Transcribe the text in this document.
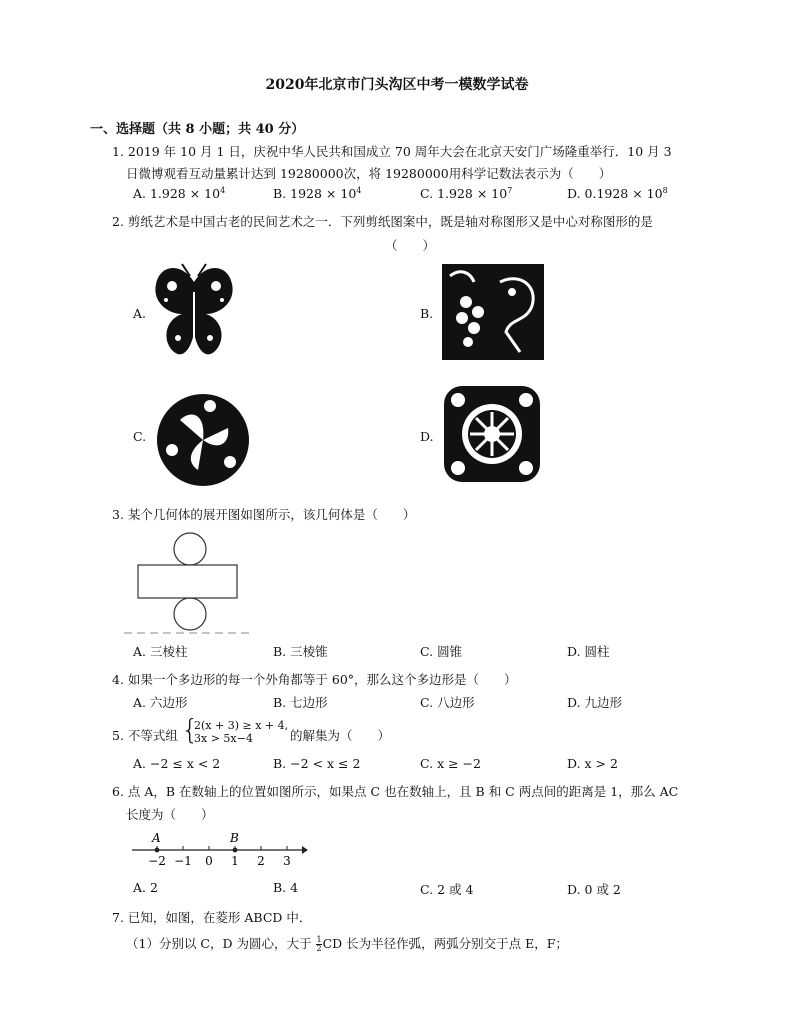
2020年北京市门头沟区中考一模数学试卷
一、选择题（共 8 小题；共 40 分）
1. 2019 年 10 月 1 日，庆祝中华人民共和国成立 70 周年大会在北京天安门广场隆重举行．10 月 3
日微博观看互动量累计达到 19280000次，将 19280000用科学记数法表示为（　　）
A. $1.928 \times 10^4$	B. $1928 \times 10^4$	C. $1.928 \times 10^7$	D. $0.1928 \times 10^8$
2. 剪纸艺术是中国古老的民间艺术之一．下列剪纸图案中，既是轴对称图形又是中心对称图形的是
（　　）
A.	B.
C.	D.
3. 某个几何体的展开图如图所示，该几何体是（　　）
A. 三棱柱	B. 三棱锥	C. 圆锥	D. 圆柱
4. 如果一个多边形的每一个外角都等于 60°，那么这个多边形是（　　）
A. 六边形	B. 七边形	C. 八边形	D. 九边形
5. 不等式组 {
2(x + 3) ≥ x + 4,
3x > 5x−4	的解集为（　　）
A. −2 ≤ x < 2	B. −2 < x ≤ 2	C. x ≥ −2	D. x > 2
6. 点 A，B 在数轴上的位置如图所示，如果点 C 也在数轴上，且 B 和 C 两点间的距离是 1，那么 AC
长度为（　　）
−2 −1 0 1 2 3
A	B
A. 2	B. 4	C. 2 或 4	D. 0 或 2
7. 已知，如图，在菱形 ABCD 中．
（1）分别以 C，D 为圆心，大于 $\frac{1}{2}$ CD 长为半径作弧，两弧分别交于点 E，F；
